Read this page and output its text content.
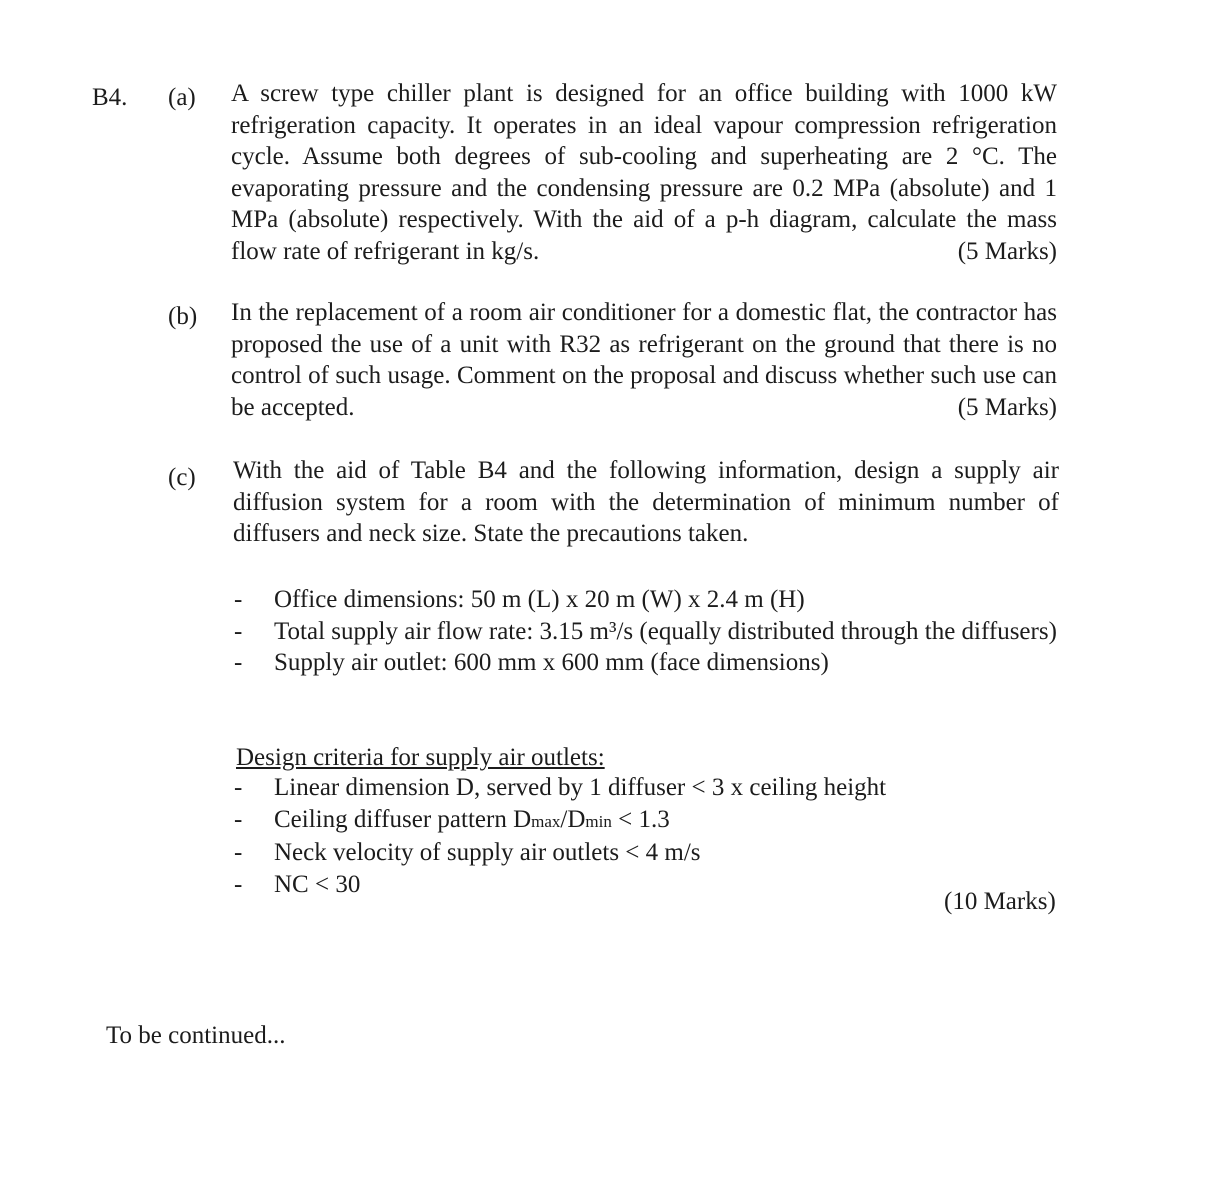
B4. (a) A screw type chiller plant is designed for an office building with 1000 kW refrigeration capacity. It operates in an ideal vapour compression refrigeration cycle. Assume both degrees of sub-cooling and superheating are 2 °C. The evaporating pressure and the condensing pressure are 0.2 MPa (absolute) and 1 MPa (absolute) respectively. With the aid of a p-h diagram, calculate the mass flow rate of refrigerant in kg/s.	(5 Marks)
(b) In the replacement of a room air conditioner for a domestic flat, the contractor has proposed the use of a unit with R32 as refrigerant on the ground that there is no control of such usage. Comment on the proposal and discuss whether such use can be accepted.	(5 Marks)
(c) With the aid of Table B4 and the following information, design a supply air diffusion system for a room with the determination of minimum number of diffusers and neck size. State the precautions taken.
- Office dimensions: 50 m (L) x 20 m (W) x 2.4 m (H)
- Total supply air flow rate: 3.15 m³/s (equally distributed through the diffusers)
- Supply air outlet: 600 mm x 600 mm (face dimensions)
Design criteria for supply air outlets:
- Linear dimension D, served by 1 diffuser < 3 x ceiling height
- Ceiling diffuser pattern Dmax/Dmin < 1.3
- Neck velocity of supply air outlets < 4 m/s
- NC < 30
(10 Marks)
To be continued...
